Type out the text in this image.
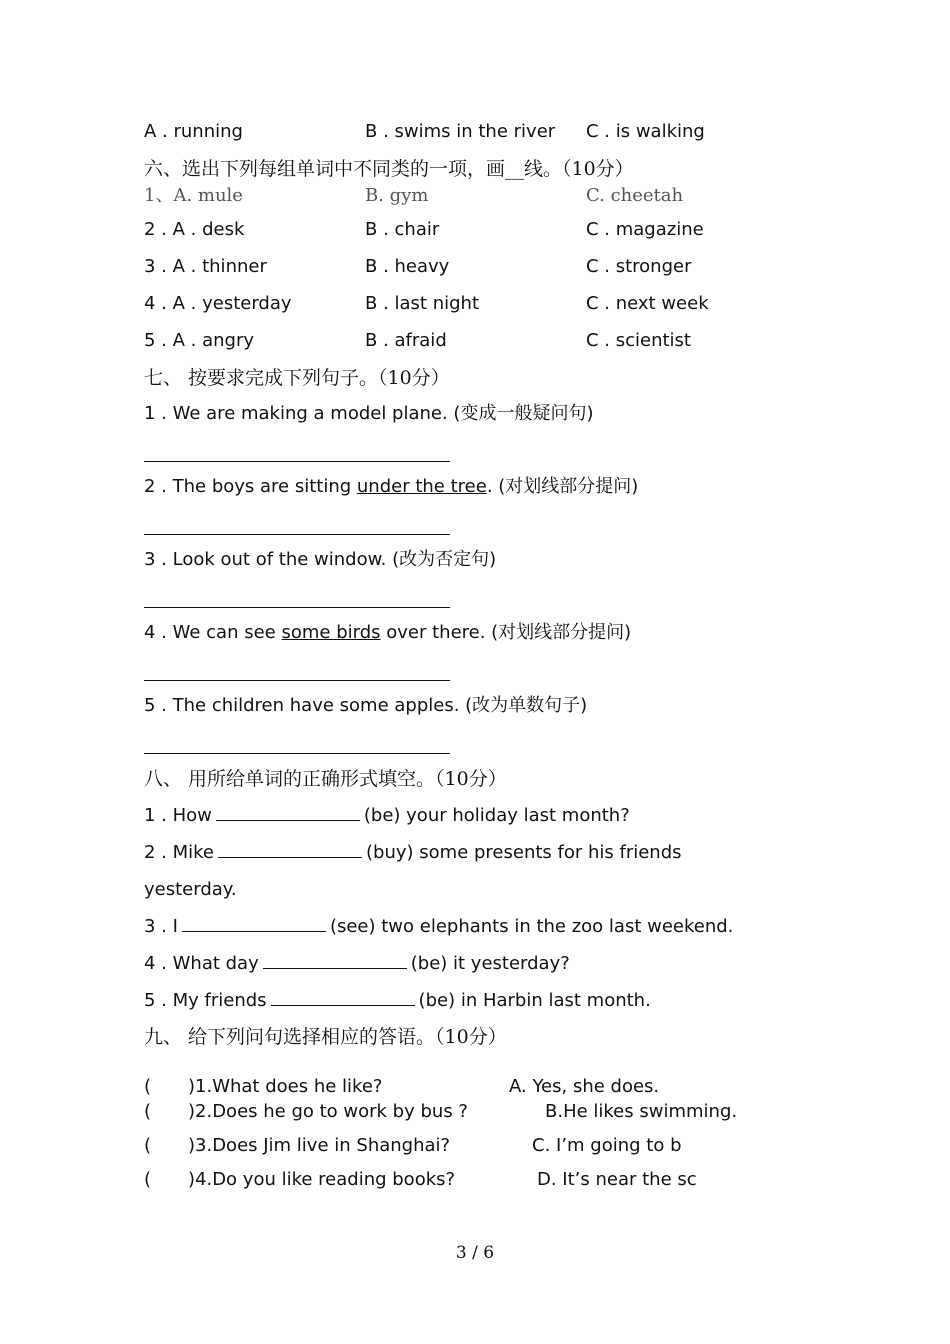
A . running	B . swims in the river C . is walking
六、选出下列每组单词中不同类的一项，画__线。（10分）
1、A. mule	B. gym	C. cheetah
2 . A . desk	B . chair	C . magazine
3 . A . thinner	B . heavy	C . stronger
4 . A . yesterday	B . last night	C . next week
5 . A . angry	B . afraid	C . scientist
七、 按要求完成下列句子。（10分）
1 . We are making a model plane. (变成一般疑问句)
2 . The boys are sitting under the tree. (对划线部分提问)
3 . Look out of the window. (改为否定句)
4 . We can see some birds over there. (对划线部分提问)
5 . The children have some apples. (改为单数句子)
八、 用所给单词的正确形式填空。（10分）
1 . How	(be) your holiday last month?
2 . Mike	(buy) some presents for his friends
yesterday.
3 . I	(see) two elephants in the zoo last weekend.
4 . What day	(be) it yesterday?
5 . My friends	(be) in Harbin last month.
九、 给下列问句选择相应的答语。（10分）
( )1.What does he like?	A. Yes, she does.
( )2.Does he go to work by bus ?	B.He likes swimming.
( )3.Does Jim live in Shanghai?	C. I’m going to b
( )4.Do you like reading books?	D. It’s near the sc
3 / 6
